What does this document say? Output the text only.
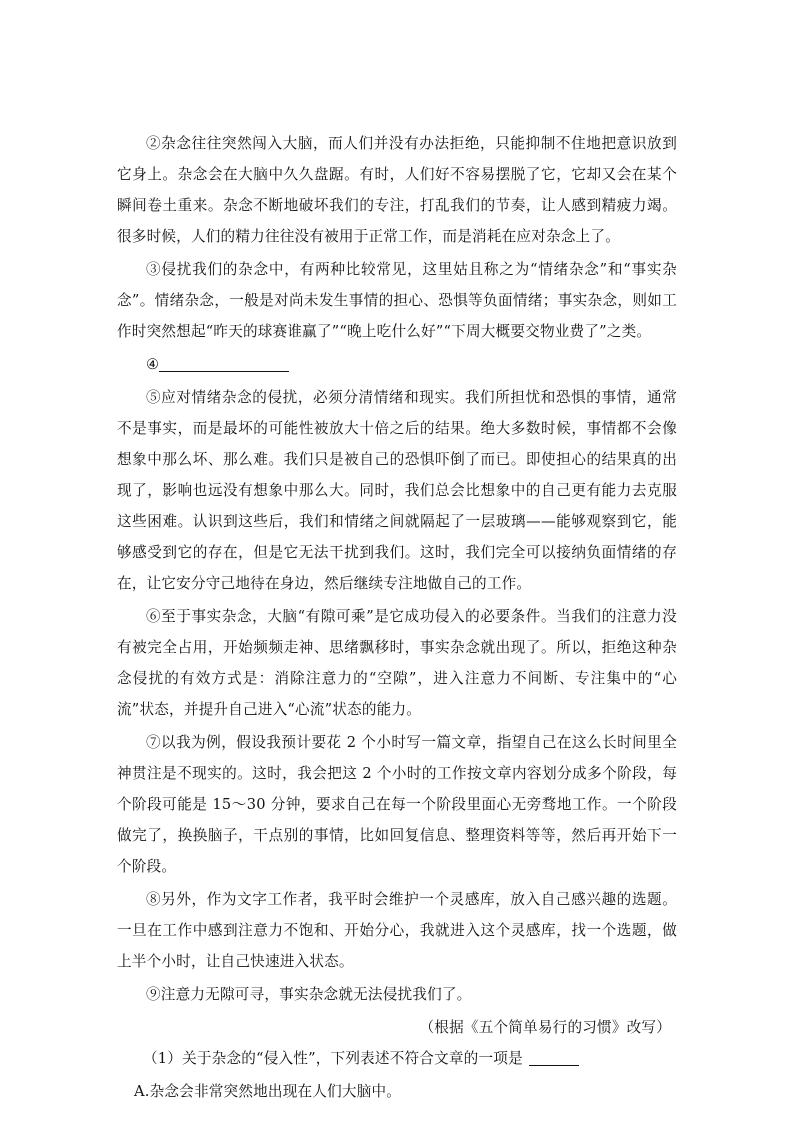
②杂念往往突然闯入大脑，而人们并没有办法拒绝，只能抑制不住地把意识放到它身上。杂念会在大脑中久久盘踞。有时，人们好不容易摆脱了它，它却又会在某个瞬间卷土重来。杂念不断地破坏我们的专注，打乱我们的节奏，让人感到精疲力竭。很多时候，人们的精力往往没有被用于正常工作，而是消耗在应对杂念上了。

③侵扰我们的杂念中，有两种比较常见，这里姑且称之为“情绪杂念”和“事实杂念”。情绪杂念，一般是对尚未发生事情的担心、恐惧等负面情绪；事实杂念，则如工作时突然想起“昨天的球赛谁赢了”“晚上吃什么好”“下周大概要交物业费了”之类。

④

⑤应对情绪杂念的侵扰，必须分清情绪和现实。我们所担忧和恐惧的事情，通常不是事实，而是最坏的可能性被放大十倍之后的结果。绝大多数时候，事情都不会像想象中那么坏、那么难。我们只是被自己的恐惧吓倒了而已。即使担心的结果真的出现了，影响也远没有想象中那么大。同时，我们总会比想象中的自己更有能力去克服这些困难。认识到这些后，我们和情绪之间就隔起了一层玻璃——能够观察到它，能够感受到它的存在，但是它无法干扰到我们。这时，我们完全可以接纳负面情绪的存在，让它安分守己地待在身边，然后继续专注地做自己的工作。

⑥至于事实杂念，大脑“有隙可乘”是它成功侵入的必要条件。当我们的注意力没有被完全占用，开始频频走神、思绪飘移时，事实杂念就出现了。所以，拒绝这种杂念侵扰的有效方式是：消除注意力的“空隙”，进入注意力不间断、专注集中的“心流”状态，并提升自己进入“心流”状态的能力。

⑦以我为例，假设我预计要花 2 个小时写一篇文章，指望自己在这么长时间里全神贯注是不现实的。这时，我会把这 2 个小时的工作按文章内容划分成多个阶段，每个阶段可能是 15～30 分钟，要求自己在每一个阶段里面心无旁骛地工作。一个阶段做完了，换换脑子，干点别的事情，比如回复信息、整理资料等等，然后再开始下一个阶段。

⑧另外，作为文字工作者，我平时会维护一个灵感库，放入自己感兴趣的选题。一旦在工作中感到注意力不饱和、开始分心，我就进入这个灵感库，找一个选题，做上半个小时，让自己快速进入状态。

⑨注意力无隙可寻，事实杂念就无法侵扰我们了。

（根据《五个简单易行的习惯》改写）

（1）关于杂念的“侵入性”，下列表述不符合文章的一项是

A.杂念会非常突然地出现在人们大脑中。
